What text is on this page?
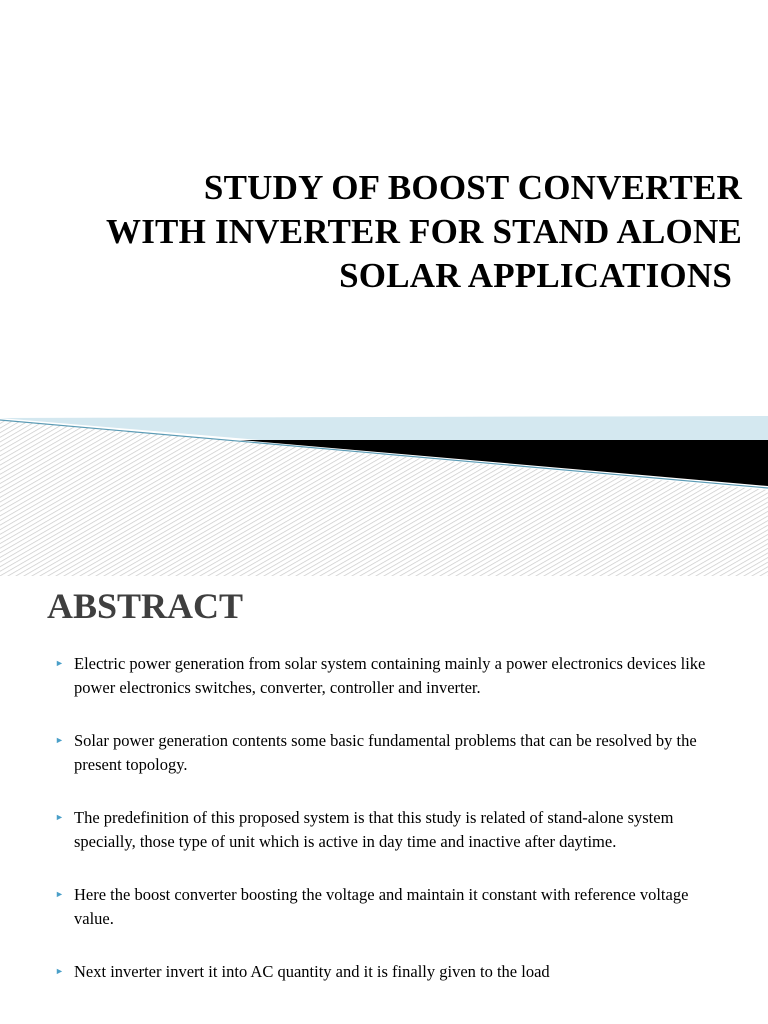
STUDY OF BOOST CONVERTER
WITH INVERTER FOR STAND ALONE
SOLAR APPLICATIONS
ABSTRACT
► Electric power generation from solar system containing mainly a power electronics devices like power electronics switches, converter, controller and inverter.
► Solar power generation contents some basic fundamental problems that can be resolved by the present topology.
► The predefinition of this proposed system is that this study is related of stand-alone system specially, those type of unit which is active in day time and inactive after daytime.
► Here the boost converter boosting the voltage and maintain it constant with reference voltage value.
► Next inverter invert it into AC quantity and it is finally given to the load
